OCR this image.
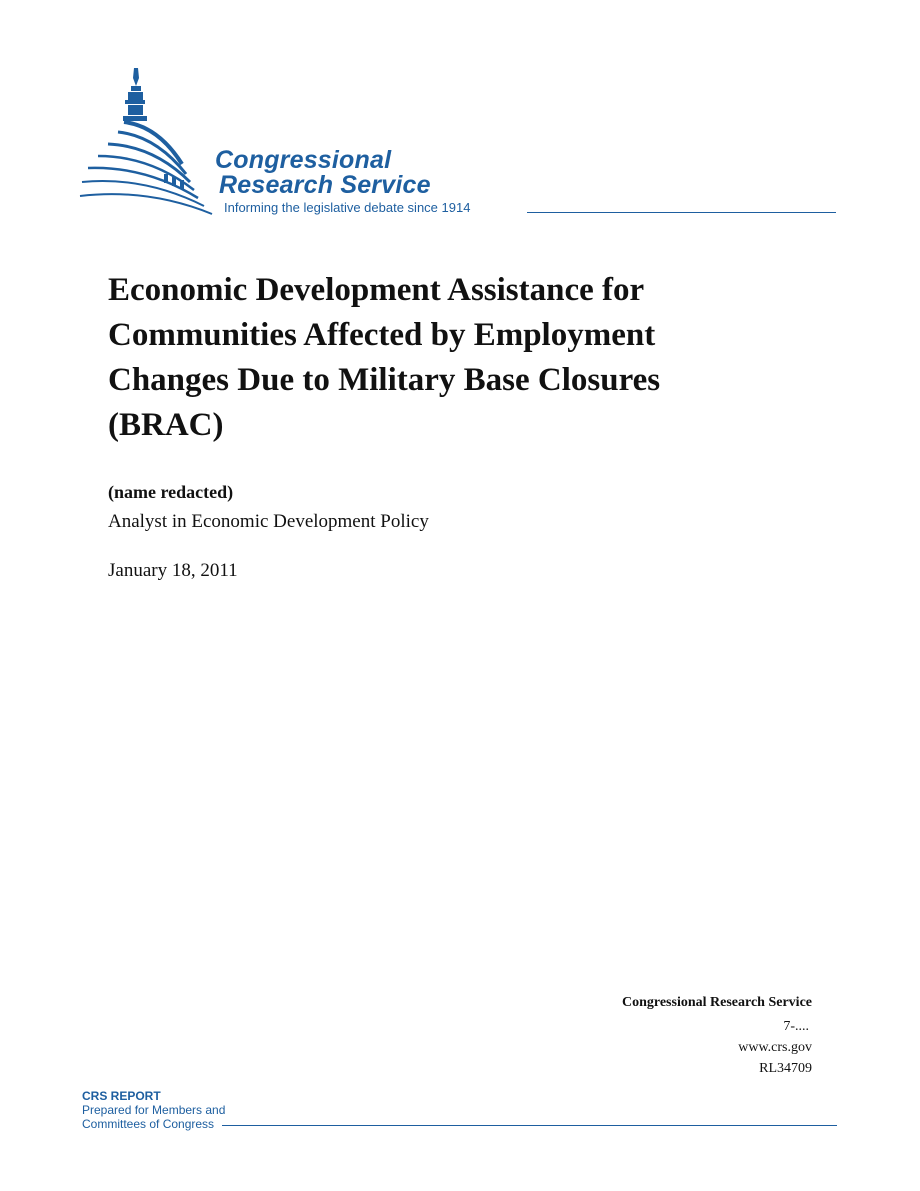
Congressional
Research Service
Informing the legislative debate since 1914
Economic Development Assistance for Communities Affected by Employment Changes Due to Military Base Closures (BRAC)
(name redacted)
Analyst in Economic Development Policy
January 18, 2011
Congressional Research Service
7-....
www.crs.gov
RL34709
CRS REPORT
Prepared for Members and
Committees of Congress
